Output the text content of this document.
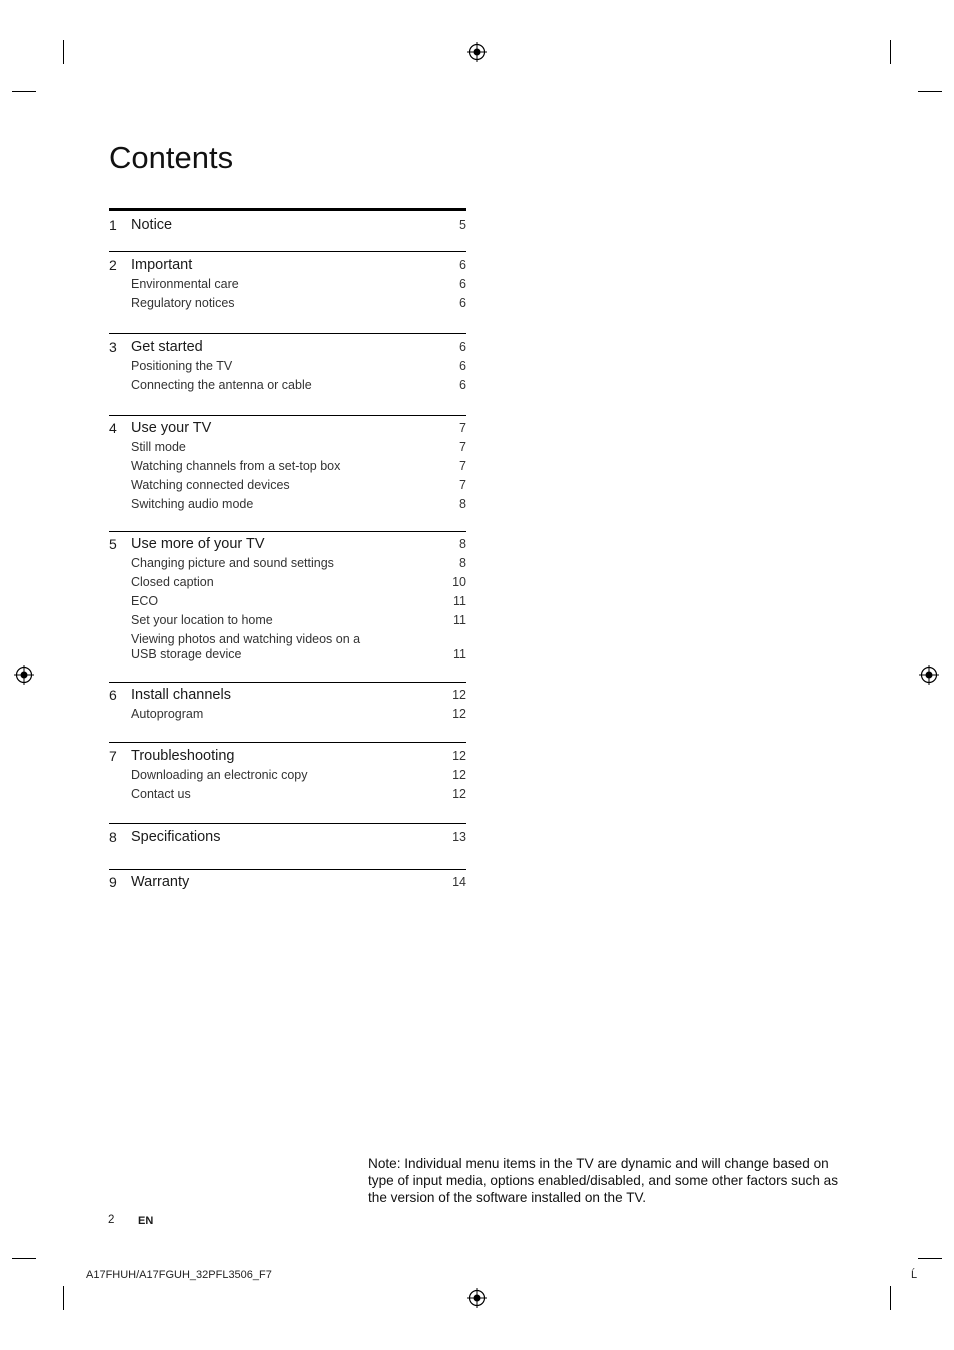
Contents
1 Notice	5
2 Important	6
Environmental care	6
Regulatory notices	6
3 Get started	6
Positioning the TV	6
Connecting the antenna or cable	6
4 Use your TV	7
Still mode	7
Watching channels from a set-top box	7
Watching connected devices	7
Switching audio mode	8
5 Use more of your TV	8
Changing picture and sound settings	8
Closed caption	10
ECO	11
Set your location to home	11
Viewing photos and watching videos on a USB storage device	11
6 Install channels	12
Autoprogram	12
7 Troubleshooting	12
Downloading an electronic copy	12
Contact us	12
8 Specifications	13
9 Warranty	14
Note: Individual menu items in the TV are dynamic and will change based on type of input media, options enabled/disabled, and some other factors such as the version of the software installed on the TV.
2 EN
A17FHUH/A17FGUH_32PFL3506_F7	Ĺ
